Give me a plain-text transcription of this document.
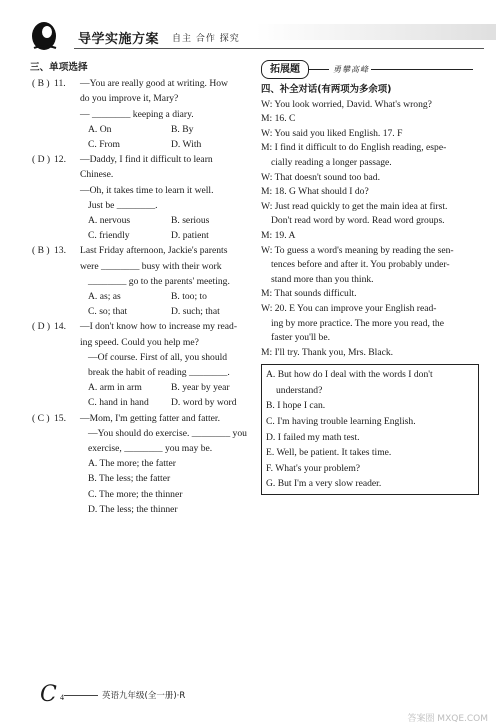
导学实施方案 自主 合作 探究
三、单项选择
( B ) 11. —You are really good at writing. How
do you improve it, Mary?
— ________ keeping a diary.
A. On	B. By
C. From	D. With
( D ) 12. —Daddy, I find it difficult to learn
Chinese.
—Oh, it takes time to learn it well.
Just be ________.
A. nervous	B. serious
C. friendly	D. patient
( B ) 13. Last Friday afternoon, Jackie's parents
were ________ busy with their work
________ go to the parents' meeting.
A. as; as	B. too; to
C. so; that	D. such; that
( D ) 14. —I don't know how to increase my read-
ing speed. Could you help me?
—Of course. First of all, you should
break the habit of reading ________.
A. arm in arm	B. year by year
C. hand in hand	D. word by word
( C ) 15. —Mom, I'm getting fatter and fatter.
—You should do exercise. ________ you
exercise, ________ you may be.
A. The more; the fatter
B. The less; the fatter
C. The more; the thinner
D. The less; the thinner
拓展题	勇攀高峰
四、补全对话(有两项为多余项)
W: You look worried, David. What's wrong?
M: 16. C
W: You said you liked English. 17. F
M: I find it difficult to do English reading, espe-
cially reading a longer passage.
W: That doesn't sound too bad.
M: 18. G What should I do?
W: Just read quickly to get the main idea at first.
Don't read word by word. Read word groups.
M: 19. A
W: To guess a word's meaning by reading the sen-
tences before and after it. You probably under-
stand more than you think.
M: That sounds difficult.
W: 20. E You can improve your English read-
ing by more practice. The more you read, the
faster you'll be.
M: I'll try. Thank you, Mrs. Black.
A. But how do I deal with the words I don't
understand?
B. I hope I can.
C. I'm having trouble learning English.
D. I failed my math test.
E. Well, be patient. It takes time.
F. What's your problem?
G. But I'm a very slow reader.
C 4	英语九年级(全一册)·R
答案圈 MXQE.COM
